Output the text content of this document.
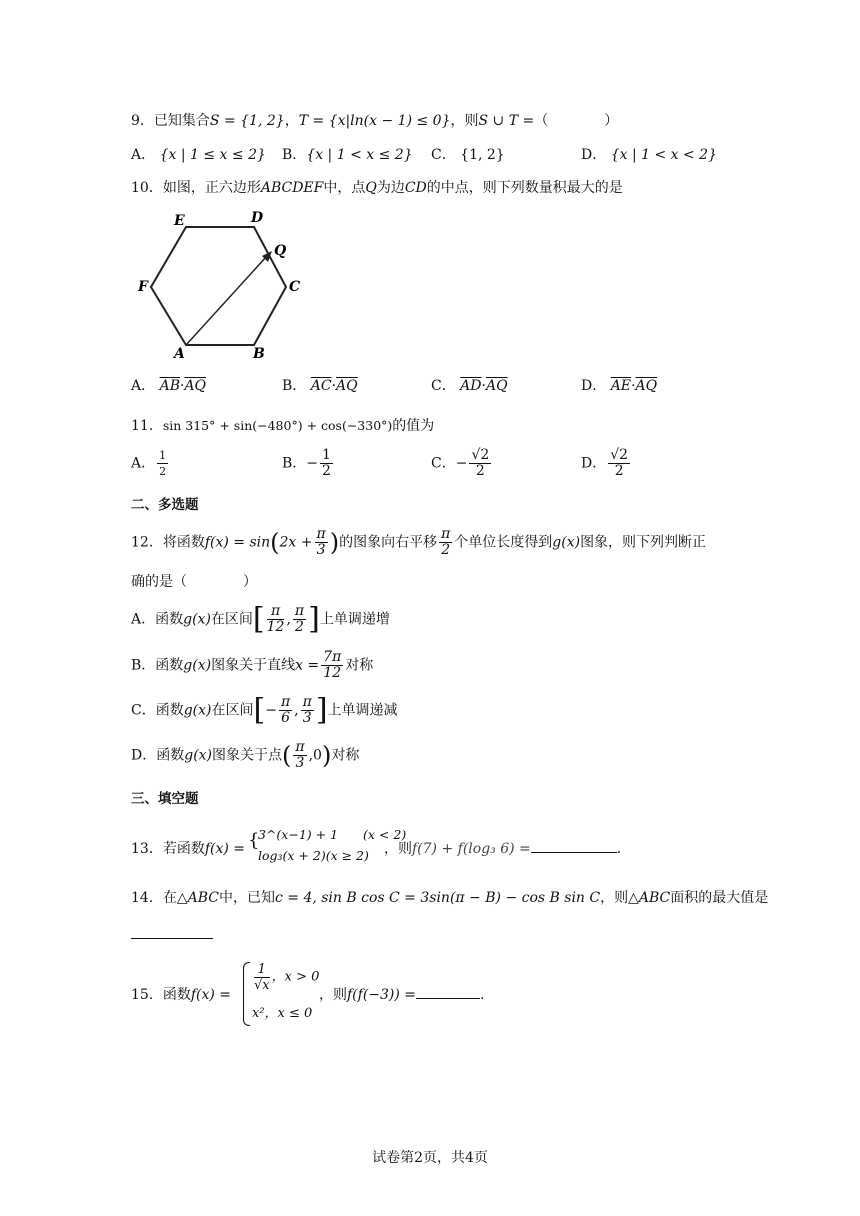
9．已知集合S = {1, 2}，T = {x|ln(x − 1) ≤ 0}，则S ∪ T =（　　　　）
A． {x | 1 ≤ x ≤ 2} B．{x | 1 < x ≤ 2} C． {1, 2}	D． {x | 1 < x < 2}
10．如图，正六边形ABCDEF中，点Q为边CD的中点，则下列数量积最大的是
E	D
Q
C
F
A	B
A． $\overline{AB}\cdot\overline{AQ}$	B． $\overline{AC}\cdot\overline{AQ}$	C． $\overline{AD}\cdot\overline{AQ}$	D． $\overline{AE}\cdot\overline{AQ}$
11．sin 315° + sin(−480°) + cos(−330°)的值为
A． $\frac{1}{2}$	B．− $\frac{1}{2}$	C．− $\frac{√2}{2}$	D． $\frac{√2}{2}$
二、多选题
12．将函数$f(x) = \sin(2x + \frac{\pi}{3}$ )的图象向右平移 $\frac{\pi}{2}$ 个单位长度得到g(x)图象，则下列判断正
确的是（　　　　）
A．函数g(x)在区间[ $\frac{\pi}{12}$ , $\frac{\pi}{2}$ ]上单调递增
B．函数g(x)图象关于直线$x = \frac{7\pi}{12}$ 对称
C．函数g(x)在区间[− $\frac{\pi}{6}$ , $\frac{\pi}{3}$ ]上单调递减
D．函数g(x)图象关于点( $\frac{\pi}{3} ,0$)对称
三、填空题
13．若函数f(x) = {
3^(x−1) + 1　　(x < 2)
log₃(x + 2)(x ≥ 2) ，则f(7) + f(log₃ 6) =	.
14．在△ABC中，已知c = 4, sin B cos C = 3sin(π − B) − cos B sin C，则△ABC面积的最大值是
15．函数f(x) =
$\frac{1}{√x}$ ，x > 0
x²，x ≤ 0
，则f(f(−3)) =	.
试卷第2页，共4页
